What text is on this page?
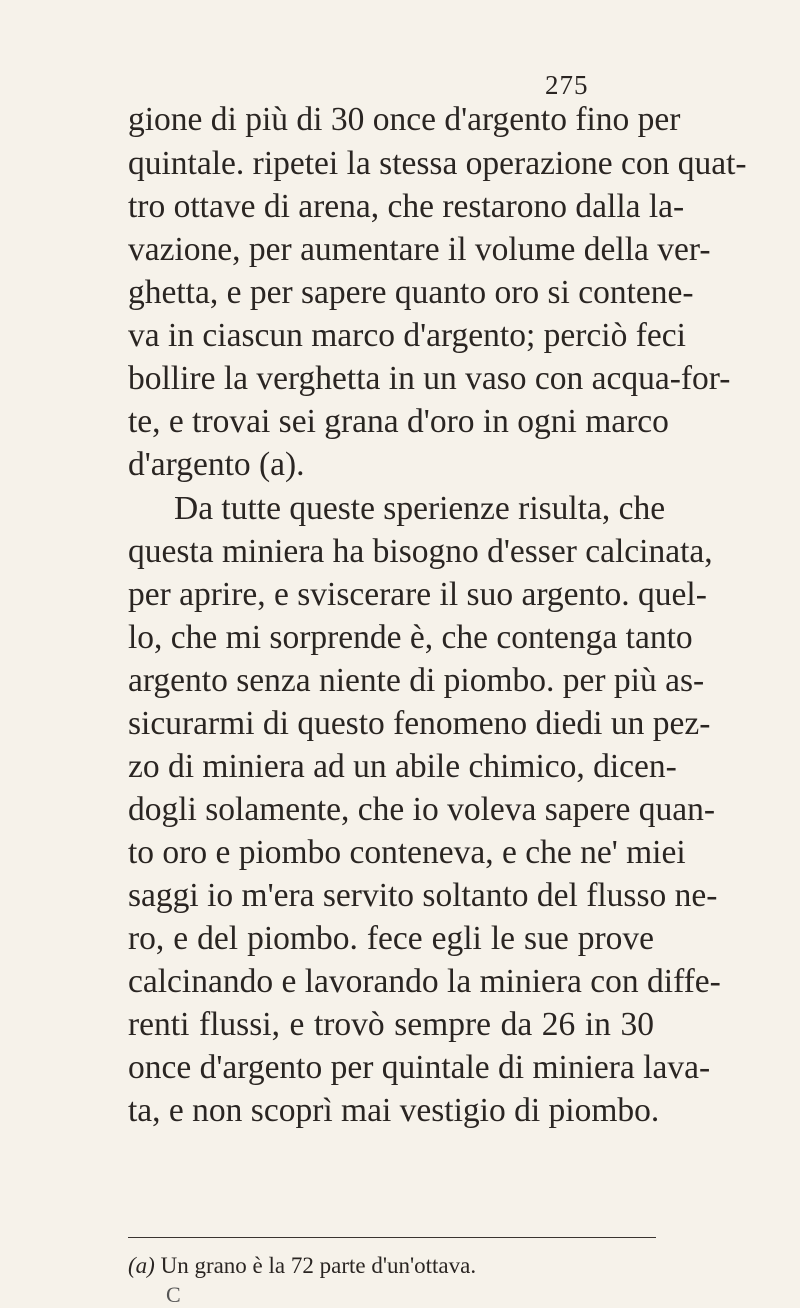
275
gione di più di 30 once d'argento fino per
quintale. ripetei la stessa operazione con quat-
tro ottave di arena, che restarono dalla la-
vazione, per aumentare il volume della ver-
ghetta, e per sapere quanto oro si contene-
va in ciascun marco d'argento; perciò feci
bollire la verghetta in un vaso con acqua-for-
te, e trovai sei grana d'oro in ogni marco
d'argento (a).
Da tutte queste sperienze risulta, che
questa miniera ha bisogno d'esser calcinata,
per aprire, e sviscerare il suo argento. quel-
lo, che mi sorprende è, che contenga tanto
argento senza niente di piombo. per più as-
sicurarmi di questo fenomeno diedi un pez-
zo di miniera ad un abile chimico, dicen-
dogli solamente, che io voleva sapere quan-
to oro e piombo conteneva, e che ne' miei
saggi io m'era servito soltanto del flusso ne-
ro, e del piombo. fece egli le sue prove
calcinando e lavorando la miniera con diffe-
renti flussi, e trovò sempre da 26 in 30
once d'argento per quintale di miniera lava-
ta, e non scoprì mai vestigio di piombo.
(a) Un grano è la 72 parte d'un'ottava.
C
